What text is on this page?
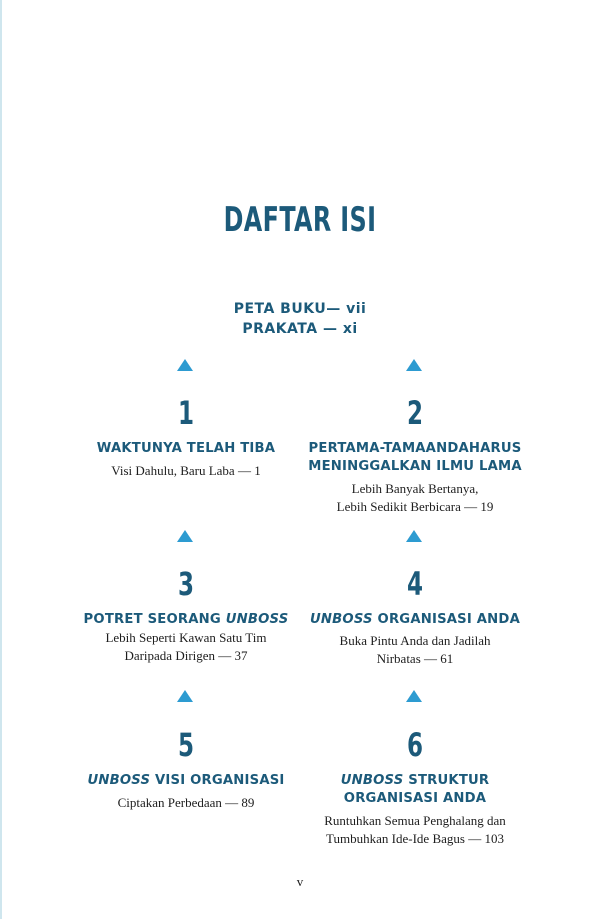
DAFTAR ISI
PETA BUKU— vii
PRAKATA — xi
1
WAKTUNYA TELAH TIBA
Visi Dahulu, Baru Laba — 1
2
PERTAMA-TAMAANDAHARUS
MENINGGALKAN ILMU LAMA
Lebih Banyak Bertanya,
Lebih Sedikit Berbicara — 19
3
POTRET SEORANG UNBOSS
Lebih Seperti Kawan Satu Tim
Daripada Dirigen — 37
4
UNBOSS ORGANISASI ANDA
Buka Pintu Anda dan Jadilah
Nirbatas — 61
5
UNBOSS VISI ORGANISASI
Ciptakan Perbedaan — 89
6
UNBOSS STRUKTUR
ORGANISASI ANDA
Runtuhkan Semua Penghalang dan
Tumbuhkan Ide-Ide Bagus — 103
v
